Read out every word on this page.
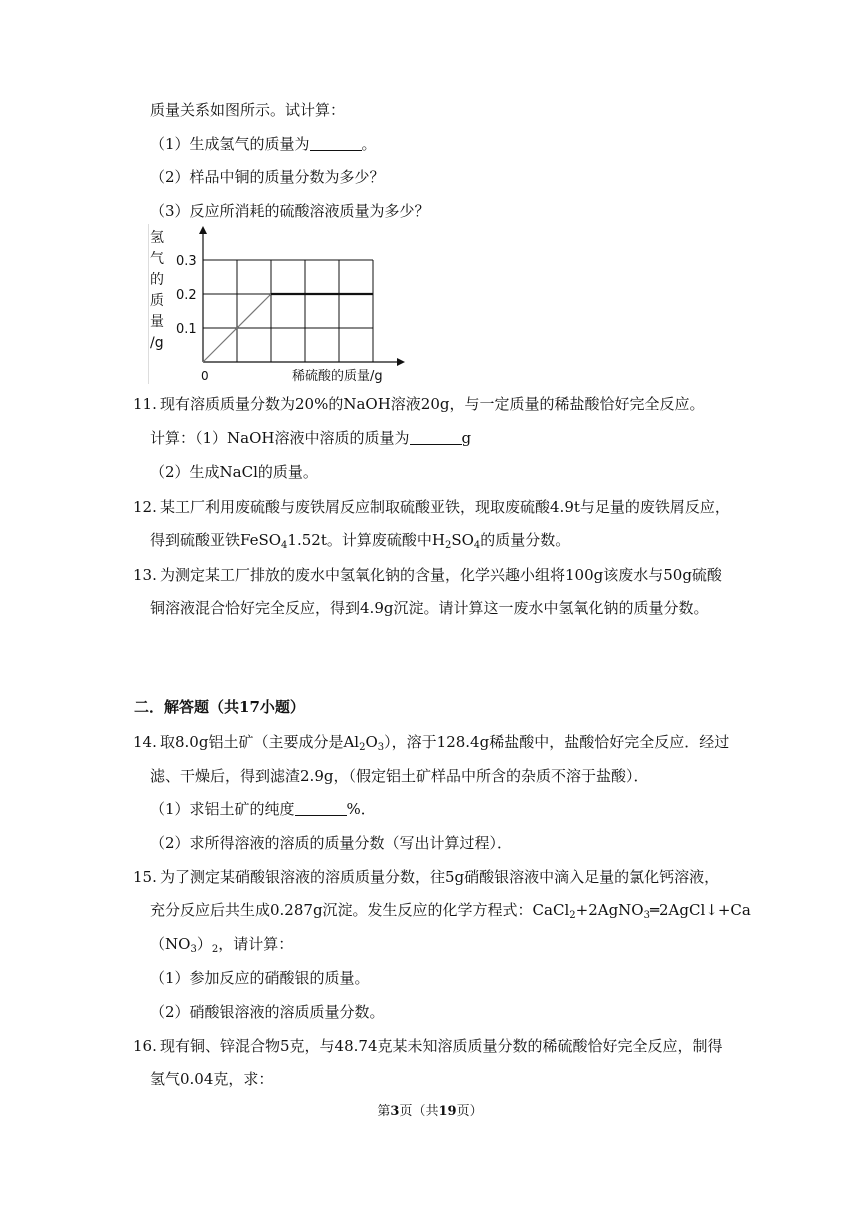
质量关系如图所示。试计算：
（1）生成氢气的质量为	。
（2）样品中铜的质量分数为多少？
（3）反应所消耗的硫酸溶液质量为多少？
0.1
0.2
0.3
氢气的质量/g
稀硫酸的质量/g
0
11. 现有溶质质量分数为20%的NaOH溶液20g，与一定质量的稀盐酸恰好完全反应。
计算：（1）NaOH溶液中溶质的质量为	g
（2）生成NaCl的质量。
12. 某工厂利用废硫酸与废铁屑反应制取硫酸亚铁，现取废硫酸4.9t与足量的废铁屑反应，
得到硫酸亚铁FeSO$_4$1.52t。计算废硫酸中$H_2SO_4$的质量分数。
13. 为测定某工厂排放的废水中氢氧化钠的含量，化学兴趣小组将100g该废水与50g硫酸
铜溶液混合恰好完全反应，得到4.9g沉淀。请计算这一废水中氢氧化钠的质量分数。
二．解答题（共17小题）
14. 取8.0g铝土矿（主要成分是$Al_2O_3$），溶于128.4g稀盐酸中，盐酸恰好完全反应．经过
滤、干燥后，得到滤渣2.9g，（假定铝土矿样品中所含的杂质不溶于盐酸）．
（1）求铝土矿的纯度	%．
（2）求所得溶液的溶质的质量分数（写出计算过程）．
15. 为了测定某硝酸银溶液的溶质质量分数，往5g硝酸银溶液中滴入足量的氯化钙溶液，
充分反应后共生成0.287g沉淀。发生反应的化学方程式：CaCl$_2$+2AgNO$_3$═2AgCl↓+Ca
$(NO_3)_2$，请计算：
（1）参加反应的硝酸银的质量。
（2）硝酸银溶液的溶质质量分数。
16. 现有铜、锌混合物5克，与48.74克某未知溶质质量分数的稀硫酸恰好完全反应，制得
氢气0.04克，求：
第3页（共19页）
